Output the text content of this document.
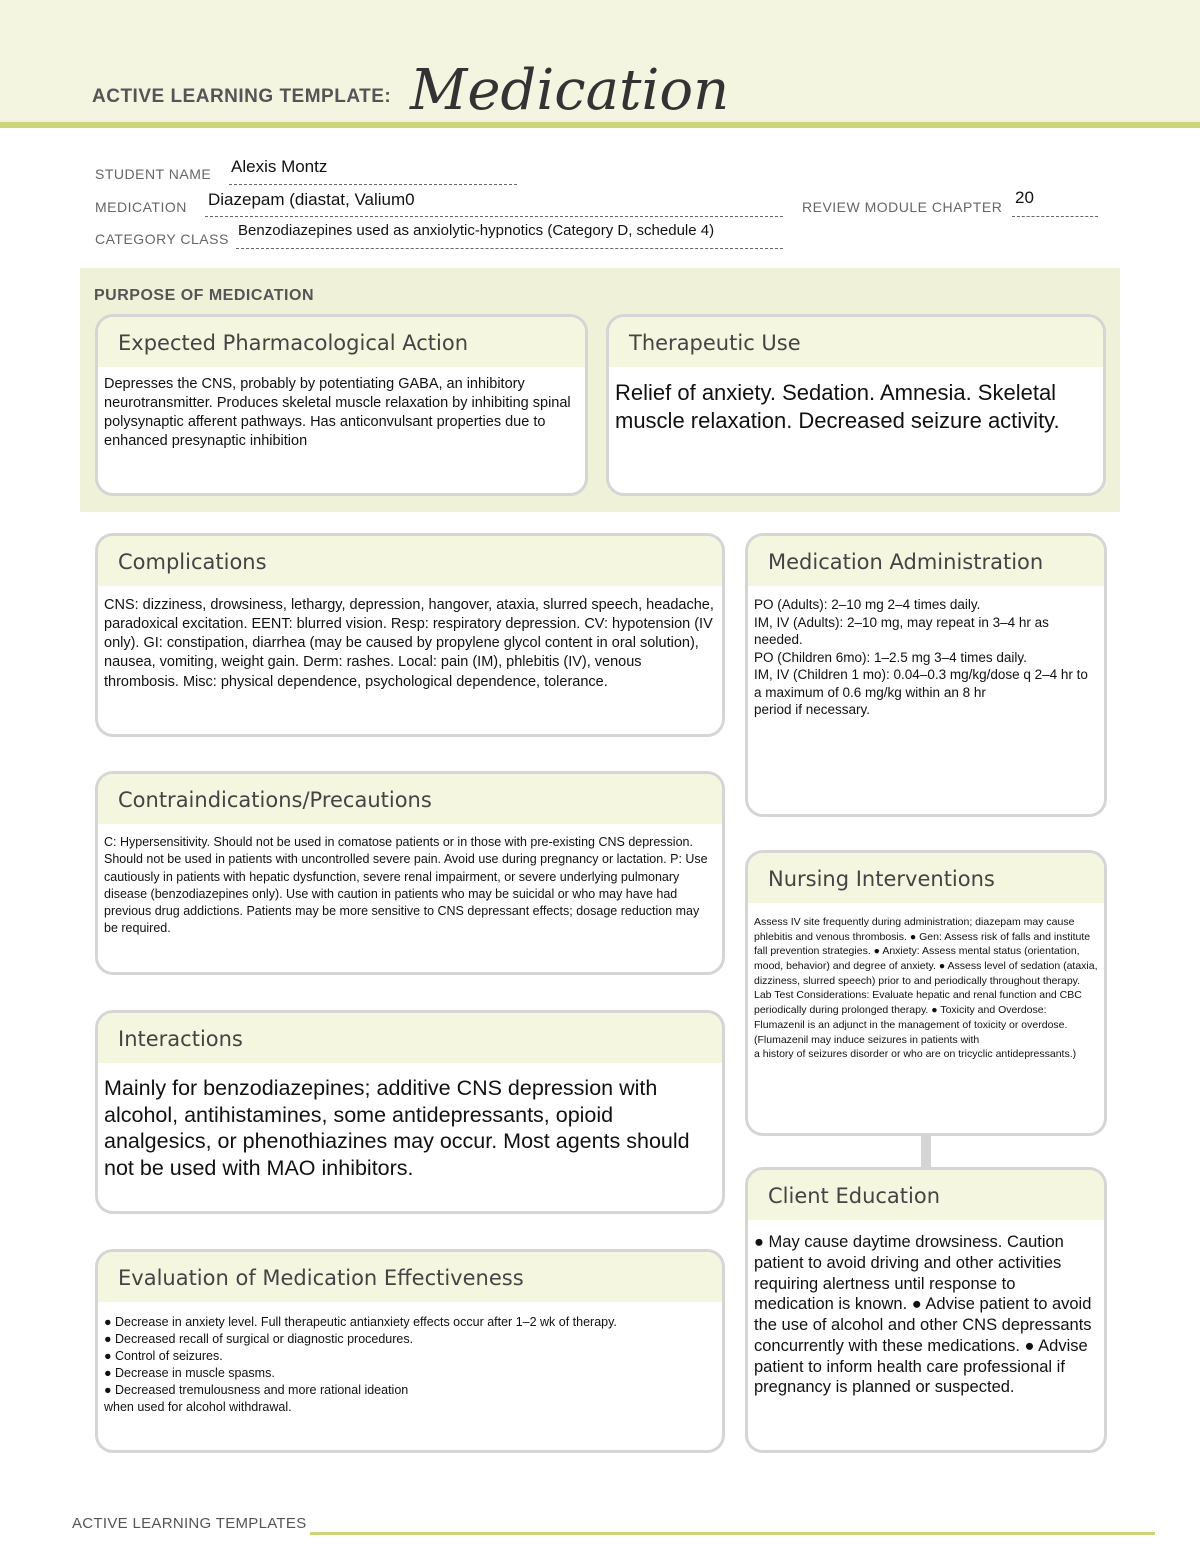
ACTIVE LEARNING TEMPLATE: Medication
STUDENT NAME Alexis Montz
MEDICATION Diazepam (diastat, Valium0	REVIEW MODULE CHAPTER 20
CATEGORY CLASS Benzodiazepines used as anxiolytic-hypnotics (Category D, schedule 4)
PURPOSE OF MEDICATION
Expected Pharmacological Action
Depresses the CNS, probably by potentiating GABA, an inhibitory neurotransmitter. Produces skeletal muscle relaxation by inhibiting spinal polysynaptic afferent pathways. Has anticonvulsant properties due to enhanced presynaptic inhibition
Therapeutic Use
Relief of anxiety. Sedation. Amnesia. Skeletal muscle relaxation. Decreased seizure activity.
Complications
CNS: dizziness, drowsiness, lethargy, depression, hangover, ataxia, slurred speech, headache, paradoxical excitation. EENT: blurred vision. Resp: respiratory depression. CV: hypotension (IV only). GI: constipation, diarrhea (may be caused by propylene glycol content in oral solution), nausea, vomiting, weight gain. Derm: rashes. Local: pain (IM), phlebitis (IV), venous thrombosis. Misc: physical dependence, psychological dependence, tolerance.
Medication Administration
PO (Adults): 2–10 mg 2–4 times daily.
IM, IV (Adults): 2–10 mg, may repeat in 3–4 hr as needed.
PO (Children 6mo): 1–2.5 mg 3–4 times daily.
IM, IV (Children 1 mo): 0.04–0.3 mg/kg/dose q 2–4 hr to a maximum of 0.6 mg/kg within an 8 hr
period if necessary.
Contraindications/Precautions
C: Hypersensitivity. Should not be used in comatose patients or in those with pre-existing CNS depression. Should not be used in patients with uncontrolled severe pain. Avoid use during pregnancy or lactation. P: Use cautiously in patients with hepatic dysfunction, severe renal impairment, or severe underlying pulmonary disease (benzodiazepines only). Use with caution in patients who may be suicidal or who may have had previous drug addictions. Patients may be more sensitive to CNS depressant effects; dosage reduction may be required.
Nursing Interventions
Assess IV site frequently during administration; diazepam may cause phlebitis and venous thrombosis. ● Gen: Assess risk of falls and institute fall prevention strategies. ● Anxiety: Assess mental status (orientation, mood, behavior) and degree of anxiety. ● Assess level of sedation (ataxia, dizziness, slurred speech) prior to and periodically throughout therapy. Lab Test Considerations: Evaluate hepatic and renal function and CBC periodically during prolonged therapy. ● Toxicity and Overdose: Flumazenil is an adjunct in the management of toxicity or overdose. (Flumazenil may induce seizures in patients with
a history of seizures disorder or who are on tricyclic antidepressants.)
Interactions
Mainly for benzodiazepines; additive CNS depression with alcohol, antihistamines, some antidepressants, opioid analgesics, or phenothiazines may occur. Most agents should not be used with MAO inhibitors.
Client Education
● May cause daytime drowsiness. Caution patient to avoid driving and other activities requiring alertness until response to medication is known. ● Advise patient to avoid the use of alcohol and other CNS depressants concurrently with these medications. ● Advise patient to inform health care professional if pregnancy is planned or suspected.
Evaluation of Medication Effectiveness
● Decrease in anxiety level. Full therapeutic antianxiety effects occur after 1–2 wk of therapy.
● Decreased recall of surgical or diagnostic procedures.
● Control of seizures.
● Decrease in muscle spasms.
● Decreased tremulousness and more rational ideation
when used for alcohol withdrawal.
ACTIVE LEARNING TEMPLATES
